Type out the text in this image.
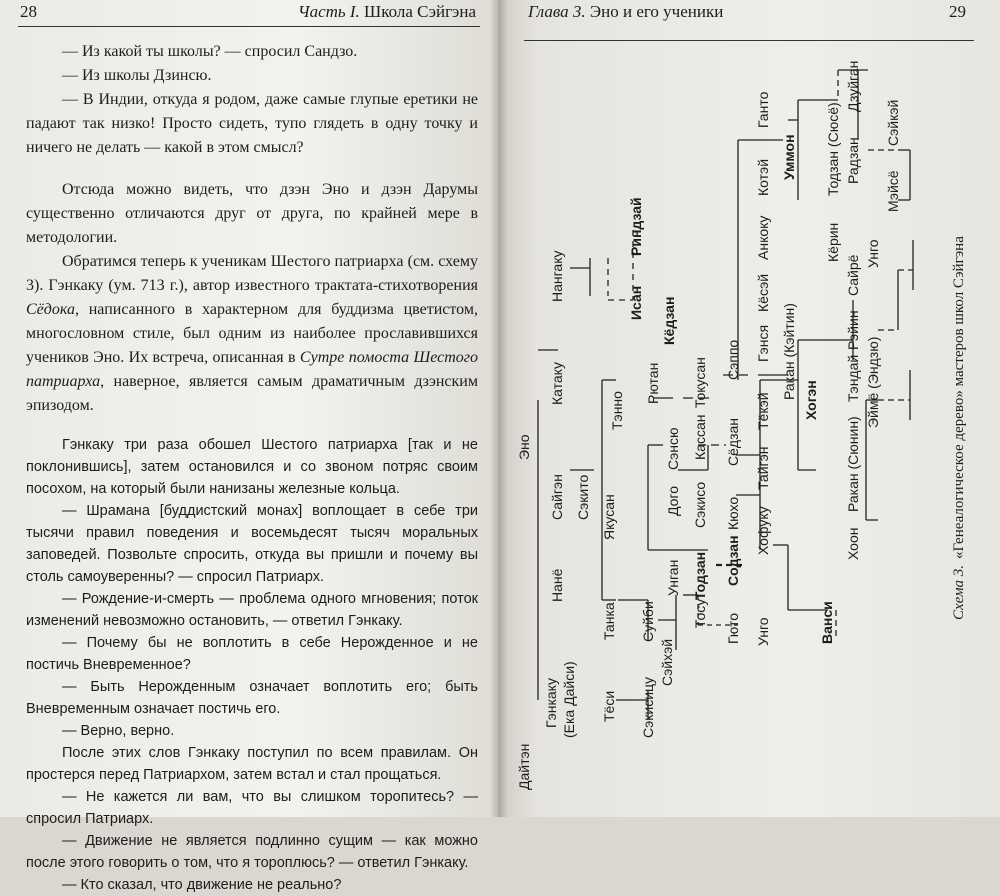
28	Часть I. Школа Сэйгэна

— Из какой ты школы? — спросил Сандзо.

— Из школы Дзинсю.

— В Индии, откуда я родом, даже самые глупые еретики не падают так низко! Просто сидеть, тупо глядеть в одну точку и ничего не делать — какой в этом смысл?

Отсюда можно видеть, что дзэн Эно и дзэн Дарумы существенно отличаются друг от друга, по крайней мере в методологии.

Обратимся теперь к ученикам Шестого патриарха (см. схему 3). Гэнкаку (ум. 713 г.), автор известного трактата-стихотворения Сёдока, написанного в характерном для буддизма цветистом, многословном стиле, был одним из наиболее прославившихся учеников Эно. Их встреча, описанная в Сутре помоста Шестого патриарха, наверное, является самым драматичным дзэнским эпизодом.

Гэнкаку три раза обошел Шестого патриарха [так и не поклонившись], затем остановился и со звоном потряс своим посохом, на который были нанизаны железные кольца.

— Шрамана [буддистский монах] воплощает в себе три тысячи правил поведения и восемьдесят тысяч моральных заповедей. Позвольте спросить, откуда вы пришли и почему вы столь самоуверенны? — спросил Патриарх.

— Рождение-и-смерть — проблема одного мгновения; поток изменений невозможно остановить, — ответил Гэнкаку.

— Почему бы не воплотить в себе Нерожденное и не постичь Вневременное?

— Быть Нерожденным означает воплотить его; быть Вневременным означает постичь его.

— Верно, верно.

После этих слов Гэнкаку поступил по всем правилам. Он простерся перед Патриархом, затем встал и стал прощаться.

— Не кажется ли вам, что вы слишком торопитесь? — спросил Патриарх.

— Движение не является подлинно сущим — как можно после этого говорить о том, что я тороплюсь? — ответил Гэнкаку.

— Кто сказал, что движение не реально?

Глава 3. Эно и его ученики	29
Эно
Дайтэн
Гэнкаку (Ека Дайси)
Нанё
Сайгэн
Катаку
Нангаку
Тёси
Танка
Якусан
Сэкито
Тэнно
Исан
Риндзай
Кёдзан
Сэкисицу
Суйби
Сэйхэй
Унган
Дого
Сэнсю
Рютан
Тосу
Тодзан
Сэкисо
Кассан
Токусан
Гюто
Содзан
Кюхо
Сёдзан
Сэппо
Унго	Ванси
Хофуку
Тайгэн
Тёкэй
Гэнся Ракан (Кэйтин)
Кёсэй
Анкоку
Котэй Уммон
Ганто
Хогэн
Хоон
Ракан (Сюнин)
Тэндай Эймё (Эндзю)
Рэйин
Сайрё
Унго
Кёрин
Тодзан (Сюсё) Радзан
Дзуйган
Мэйсё
Сэйкэй
Схема 3.«Генеалогическое дерево» мастеров школ Сэйгэна
